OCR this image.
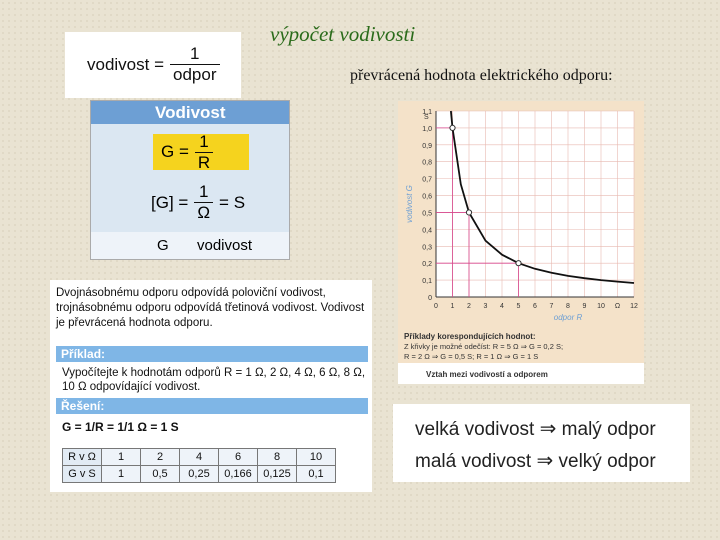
výpočet vodivosti
převrácená hodnota elektrického odporu:
vodivost = $\frac{1}{\text{odpor}}$
Vodivost
$G = \frac{1}{R}$
$[G] = \frac{1}{\Omega} = S$
G vodivost
Dvojnásobnému odporu odpovídá poloviční vodivost, trojnásobnému odporu odpovídá třetinová vodivost. Vodivost je převrácená hodnota odporu.
Příklad:
Vypočítejte k hodnotám odporů R = 1 Ω, 2 Ω, 4 Ω, 6 Ω, 8 Ω, 10 Ω odpovídající vodivost.
Řešení:
G = 1/R = 1/1 Ω = 1 S
R v Ω	1	2	4	6	8	10
G v S	1	0,5	0,25	0,166	0,125	0,1
0 1 2 3 4 5 6 7 8 9 10 Ω 12
0
0,1
0,2
0,3
0,4
0,5
0,6
0,7
0,8
0,9
1,0
1,1
S
odpor R
vodivost G
Příklady korespondujících hodnot:
Z křivky je možné odečíst: R = 5 Ω ⇒ G = 0,2 S;
R = 2 Ω ⇒ G = 0,5 S; R = 1 Ω ⇒ G = 1 S
Vztah mezi vodivostí a odporem
velká vodivost ⇒ malý odpor
malá vodivost ⇒ velký odpor
